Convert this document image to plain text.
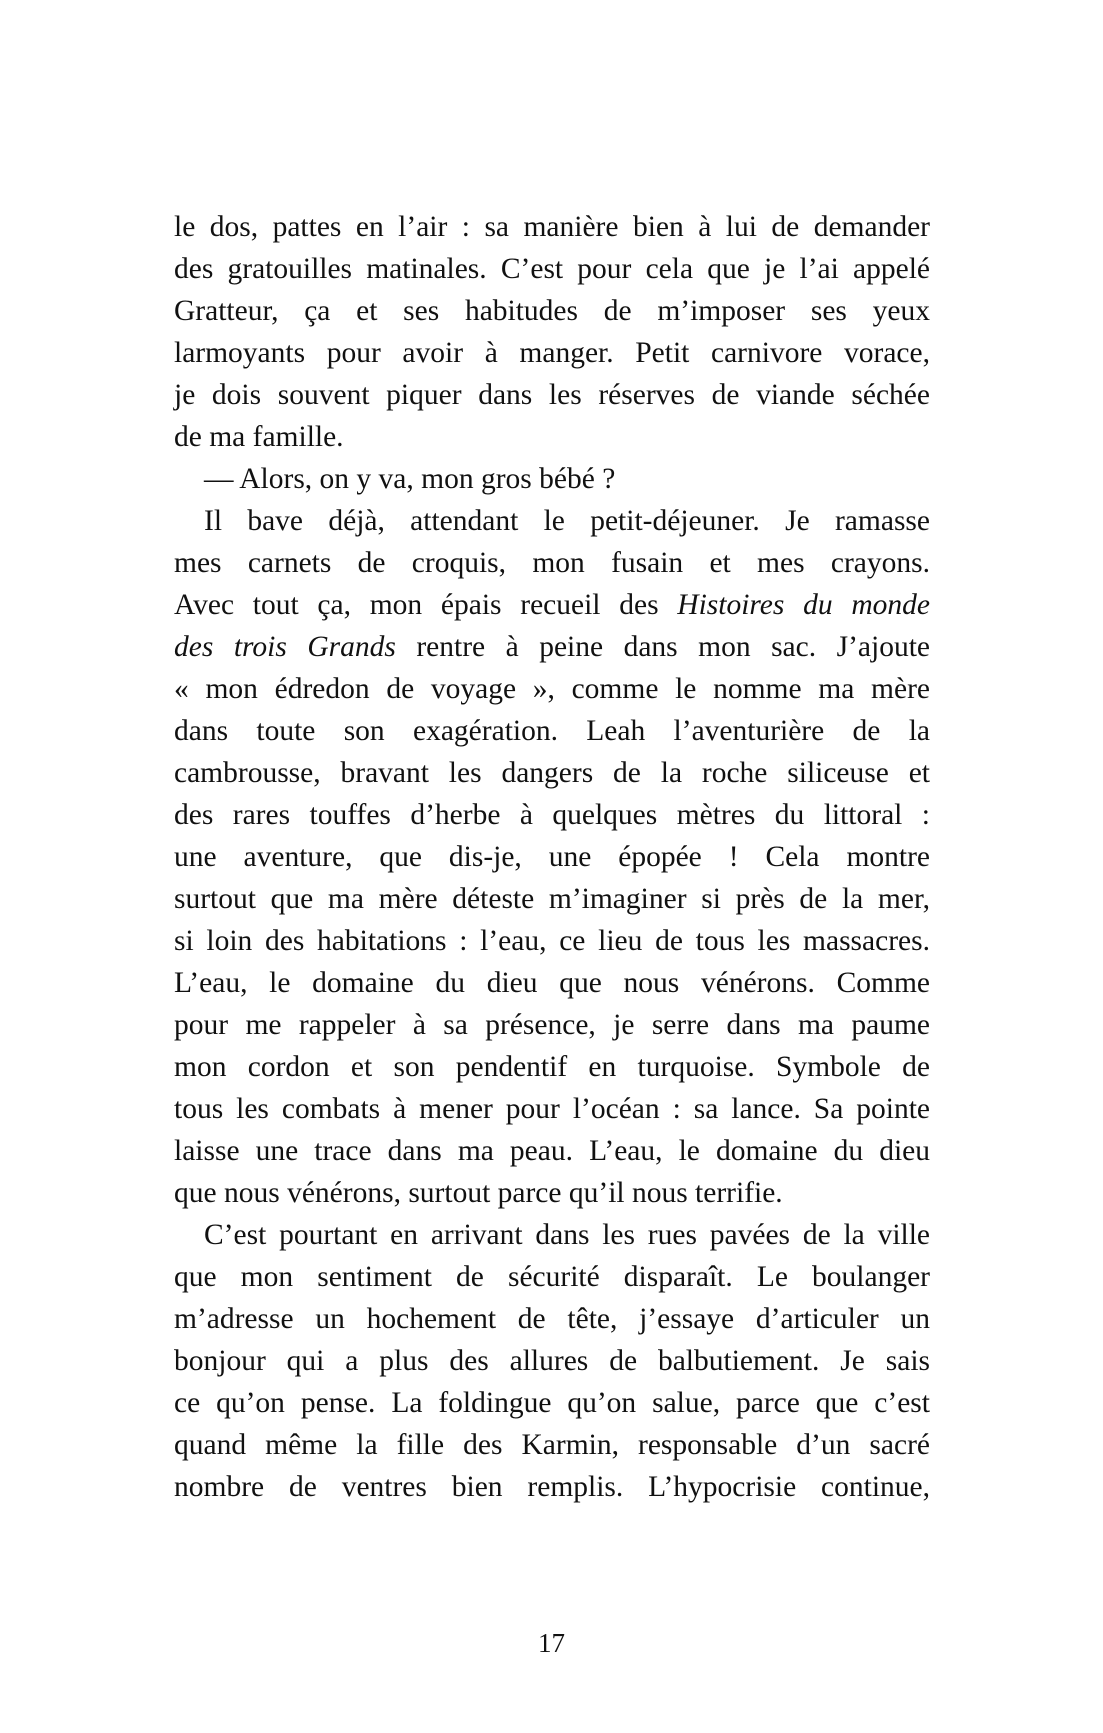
le dos, pattes en l’air : sa manière bien à lui de demander
des gratouilles matinales. C’est pour cela que je l’ai appelé
Gratteur, ça et ses habitudes de m’imposer ses yeux
larmoyants pour avoir à manger. Petit carnivore vorace,
je dois souvent piquer dans les réserves de viande séchée
de ma famille.
— Alors, on y va, mon gros bébé ?
Il bave déjà, attendant le petit-déjeuner. Je ramasse
mes carnets de croquis, mon fusain et mes crayons.
Avec tout ça, mon épais recueil des Histoires du monde
des trois Grands rentre à peine dans mon sac. J’ajoute
« mon édredon de voyage », comme le nomme ma mère
dans toute son exagération. Leah l’aventurière de la
cambrousse, bravant les dangers de la roche siliceuse et
des rares touffes d’herbe à quelques mètres du littoral :
une aventure, que dis-je, une épopée ! Cela montre
surtout que ma mère déteste m’imaginer si près de la mer,
si loin des habitations : l’eau, ce lieu de tous les massacres.
L’eau, le domaine du dieu que nous vénérons. Comme
pour me rappeler à sa présence, je serre dans ma paume
mon cordon et son pendentif en turquoise. Symbole de
tous les combats à mener pour l’océan : sa lance. Sa pointe
laisse une trace dans ma peau. L’eau, le domaine du dieu
que nous vénérons, surtout parce qu’il nous terrifie.
C’est pourtant en arrivant dans les rues pavées de la ville
que mon sentiment de sécurité disparaît. Le boulanger
m’adresse un hochement de tête, j’essaye d’articuler un
bonjour qui a plus des allures de balbutiement. Je sais
ce qu’on pense. La foldingue qu’on salue, parce que c’est
quand même la fille des Karmin, responsable d’un sacré
nombre de ventres bien remplis. L’hypocrisie continue,
17
